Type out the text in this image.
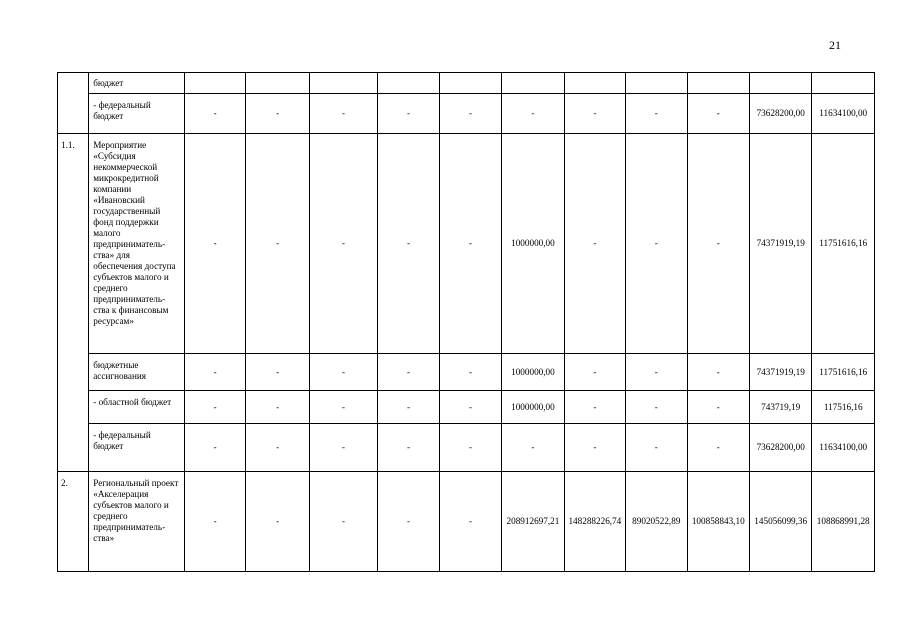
21
	бюджет											
	- федеральный бюджет	-	-	-	-	-	-	-	-	-	73628200,00	11634100,00
1.1.	Мероприятие «Субсидия некоммерческой микрокредитной компании «Ивановский государственный фонд поддержки малого предприниматель-ства» для обеспечения доступа субъектов малого и среднего предприниматель-ства к финансовым ресурсам»	-	-	-	-	-	1000000,00	-	-	-	74371919,19	11751616,16
	бюджетные ассигнования	-	-	-	-	-	1000000,00	-	-	-	74371919,19	11751616,16
	- областной бюджет	-	-	-	-	-	1000000,00	-	-	-	743719,19	117516,16
	- федеральный бюджет	-	-	-	-	-	-	-	-	-	73628200,00	11634100,00
2.	Региональный проект «Акселерация субъектов малого и среднего предприниматель-ства»	-	-	-	-	-	208912697,21	148288226,74	89020522,89	100858843,10	145056099,36	108868991,28
